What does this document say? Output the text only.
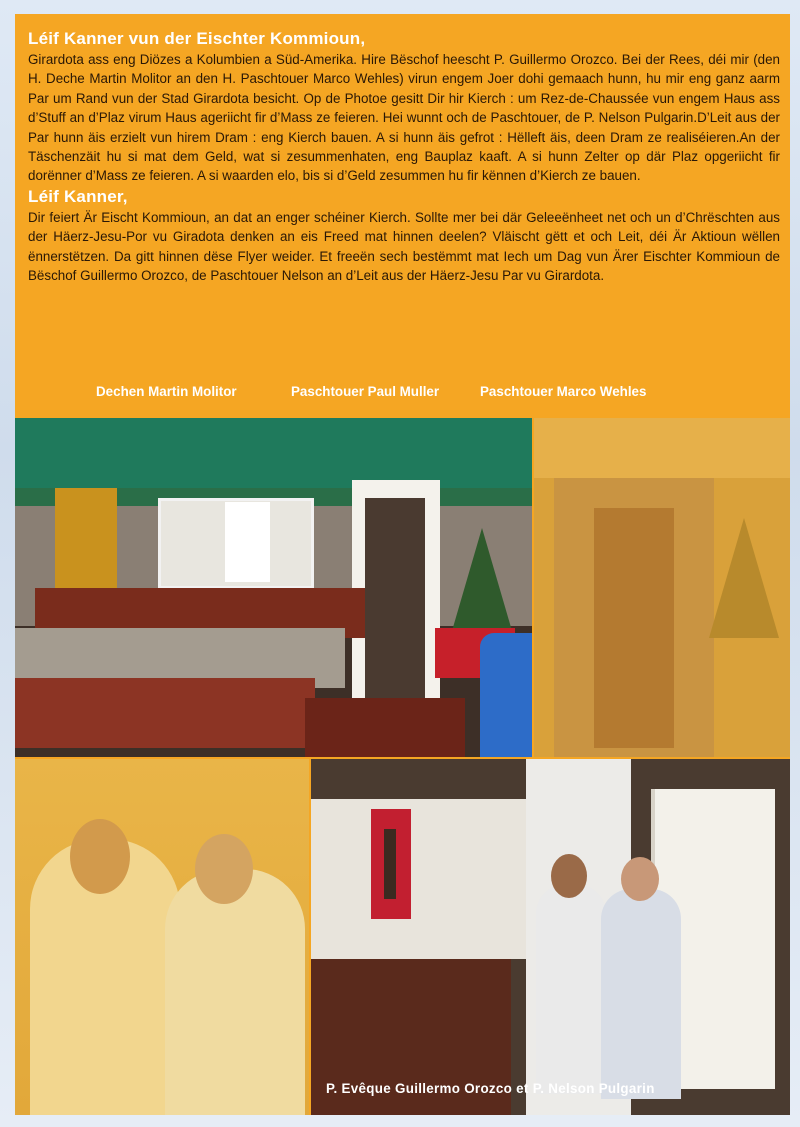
Léif Kanner vun der Eischter Kommioun,

Girardota ass eng Diözes a Kolumbien a Süd-Amerika. Hire Bëschof heescht P. Guillermo Orozco. Bei der Rees, déi mir (den H. Deche Martin Molitor an den H. Paschtouer Marco Wehles) virun engem Joer dohi gemaach hunn, hu mir eng ganz aarm Par um Rand vun der Stad Girardota besicht. Op de Photoe gesitt Dir hir Kierch : um Rez-de-Chaussée vun engem Haus ass d’Stuff an d’Plaz virum Haus ageriicht fir d’Mass ze feieren. Hei wunnt och de Paschtouer, de P. Nelson Pulgarin.D’Leit aus der Par hunn äis erzielt vun hirem Dram : eng Kierch bauen. A si hunn äis gefrot : Hëlleft äis, deen Dram ze realiséieren.An der Täschenzäit hu si mat dem Geld, wat si zesummenhaten, eng Bauplaz kaaft. A si hunn Zelter op där Plaz opgeriicht fir dorënner d’Mass ze feieren. A si waarden elo, bis si d’Geld zesummen hu fir kënnen d’Kierch ze bauen.

Léif Kanner,

Dir feiert Är Eischt Kommioun, an dat an enger schéiner Kierch. Sollte mer bei där Geleeënheet net och un d’Chrëschten aus der Häerz-Jesu-Por vu Giradota denken an eis Freed mat hinnen deelen? Vläischt gëtt et och Leit, déi Är Aktioun wëllen ënnerstëtzen. Da gitt hinnen dëse Flyer weider. Et freeën sech bestëmmt mat Iech um Dag vun Ärer Eischter Kommioun de Bëschof Guillermo Orozco, de Paschtouer Nelson an d’Leit aus der Häerz-Jesu Par vu Girardota.

Dechen Martin Molitor	Paschtouer Paul Muller	Paschtouer Marco Wehles
P. Evêque Guillermo Orozco et P. Nelson Pulgarin
